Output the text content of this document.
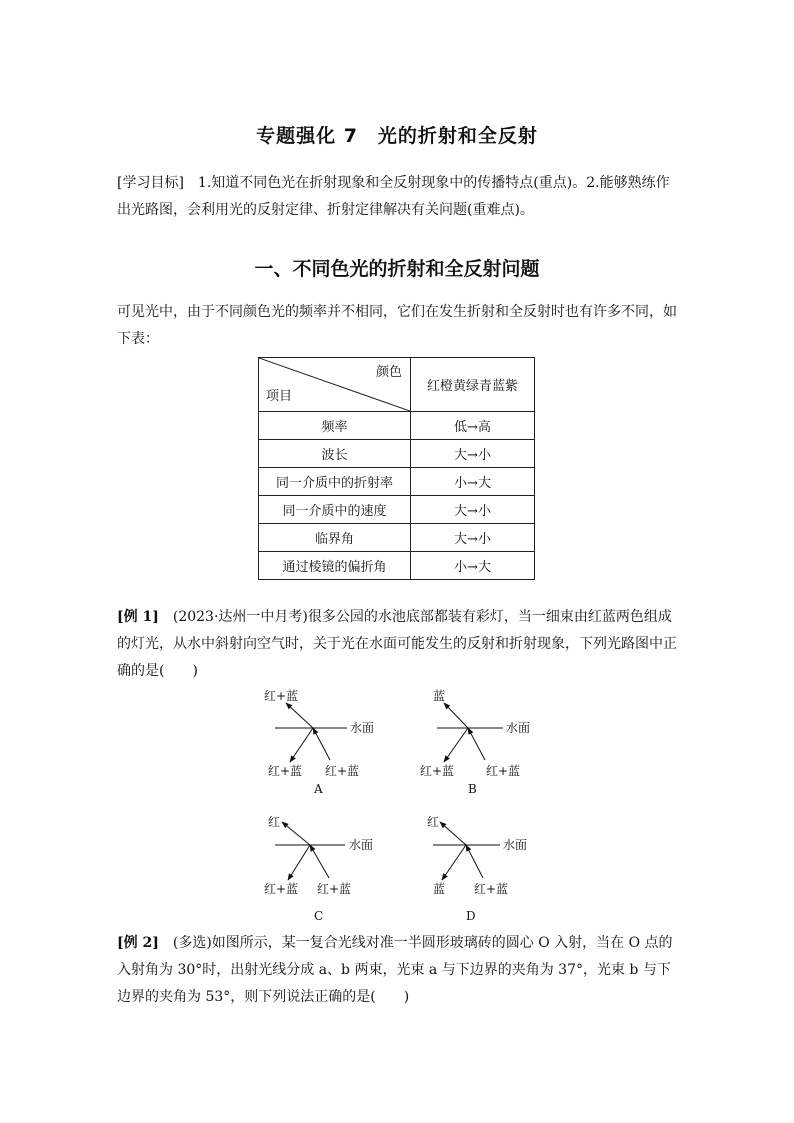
专题强化 7　光的折射和全反射
[学习目标]　1.知道不同色光在折射现象和全反射现象中的传播特点(重点)。2.能够熟练作出光路图，会利用光的反射定律、折射定律解决有关问题(重难点)。
一、不同色光的折射和全反射问题
可见光中，由于不同颜色光的频率并不相同，它们在发生折射和全反射时也有许多不同，如下表：
颜色
项目	红橙黄绿青蓝紫
频率	低→高
波长	大→小
同一介质中的折射率	小→大
同一介质中的速度	大→小
临界角	大→小
通过棱镜的偏折角	小→大
[例 1]　(2023·达州一中月考)很多公园的水池底部都装有彩灯，当一细束由红蓝两色组成的灯光，从水中斜射向空气时，关于光在水面可能发生的反射和折射现象，下列光路图中正确的是(　　)
红+蓝
水面
红+蓝 红+蓝
A
蓝
水面
红+蓝	红+蓝
B
红
水面
红+蓝 红+蓝
C
红
水面
蓝 红+蓝
D
[例 2]　(多选)如图所示，某一复合光线对准一半圆形玻璃砖的圆心 O 入射，当在 O 点的入射角为 30°时，出射光线分成 a、b 两束，光束 a 与下边界的夹角为 37°，光束 b 与下边界的夹角为 53°，则下列说法正确的是(　　)
